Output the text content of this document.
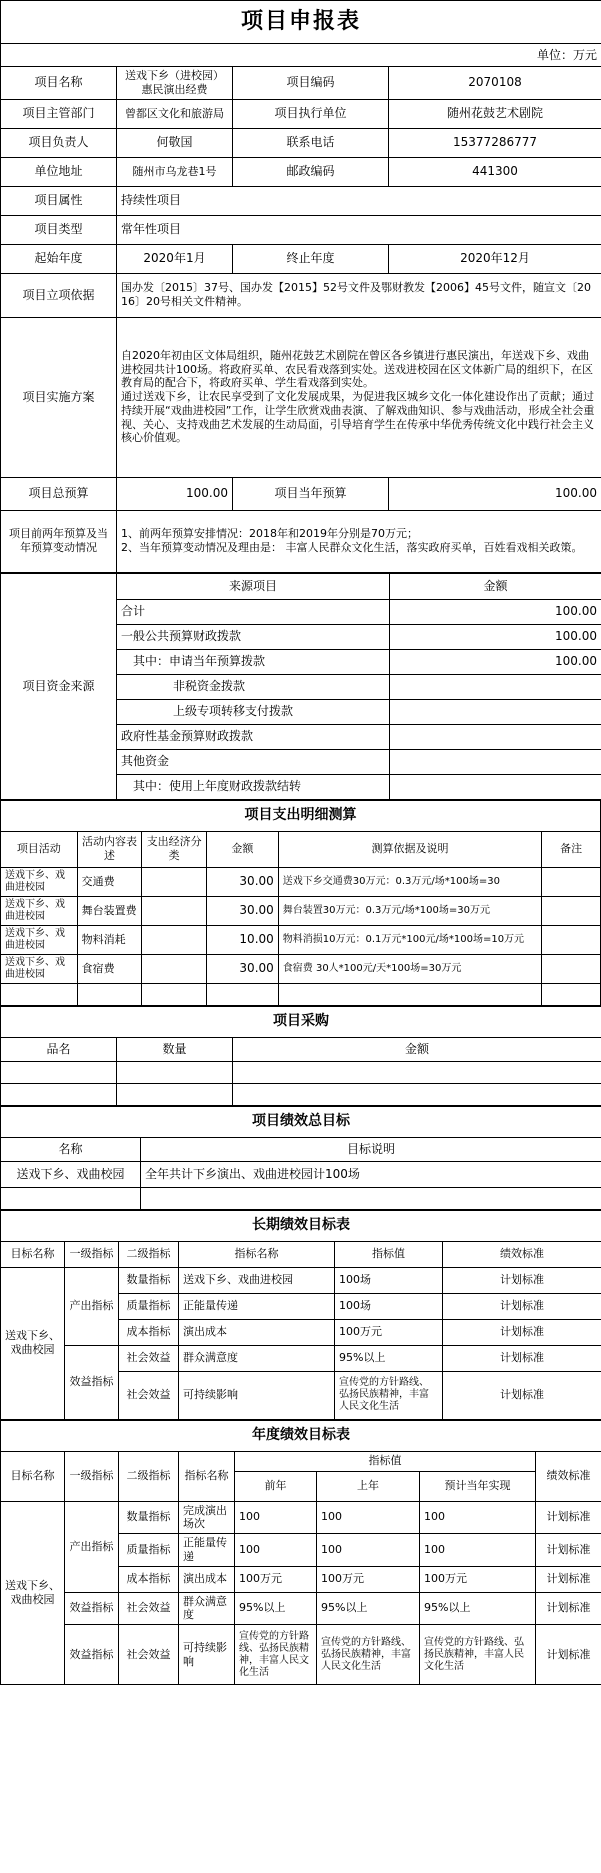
项目申报表			
单位：万元			
项目名称	送戏下乡（进校园）惠民演出经费	项目编码	2070108
项目主管部门	曾都区文化和旅游局	项目执行单位	随州花鼓艺术剧院
项目负责人	何敬国	联系电话	15377286777
单位地址	随州市乌龙巷1号	邮政编码	441300
项目属性	持续性项目		
项目类型	常年性项目		
起始年度	2020年1月	终止年度	2020年12月
项目立项依据	国办发〔2015〕37号、国办发【2015】52号文件及鄂财教发【2006】45号文件，随宣文〔2016〕20号相关文件精神。		
项目实施方案	自2020年初由区文体局组织，随州花鼓艺术剧院在曾区各乡镇进行惠民演出，年送戏下乡、戏曲进校园共计100场。将政府买单、农民看戏落到实处。送戏进校园在区文体新广局的组织下，在区教育局的配合下，将政府买单、学生看戏落到实处。
通过送戏下乡，让农民享受到了文化发展成果，为促进我区城乡文化一体化建设作出了贡献；通过持续开展“戏曲进校园”工作，让学生欣赏戏曲表演、了解戏曲知识、参与戏曲活动，形成全社会重视、关心、支持戏曲艺术发展的生动局面，引导培育学生在传承中华优秀传统文化中践行社会主义核心价值观。		

项目总预算	100.00	项目当年预算	100.00
项目前两年预算及当年预算变动情况	1、前两年预算安排情况：2018年和2019年分别是70万元；
2、当年预算变动情况及理由是： 丰富人民群众文化生活，落实政府买单，百姓看戏相关政策。		
项目资金来源	来源项目	金额
	合计	100.00
	一般公共预算财政拨款	100.00
	其中：申请当年预算拨款	100.00
	非税资金拨款	
	上级专项转移支付拨款	
	政府性基金预算财政拨款	
	其他资金	
	其中：使用上年度财政拨款结转	
项目支出明细测算					
项目活动	活动内容表述	支出经济分类	金额	测算依据及说明	备注
送戏下乡、戏曲进校园	交通费		30.00	送戏下乡交通费30万元：0.3万元/场*100场=30	
送戏下乡、戏曲进校园	舞台装置费		30.00	舞台装置30万元：0.3万元/场*100场=30万元	
送戏下乡、戏曲进校园	物料消耗		10.00	物料消损10万元：0.1万元*100元/场*100场=10万元	
送戏下乡、戏曲进校园	食宿费		30.00	食宿费 30人*100元/天*100场=30万元	

项目采购		
品名	数量	金额

项目绩效总目标	
名称	目标说明
送戏下乡、戏曲校园	全年共计下乡演出、戏曲进校园计100场

长期绩效目标表					
目标名称	一级指标	二级指标	指标名称	指标值	绩效标准
送戏下乡、戏曲校园	产出指标	数量指标	送戏下乡、戏曲进校园	100场	计划标准
		质量指标	正能量传递	100场	计划标准
		成本指标	演出成本	100万元	计划标准
	效益指标	社会效益	群众满意度	95%以上	计划标准
		社会效益	可持续影响	宣传党的方针路线、弘扬民族精神，丰富人民文化生活	计划标准
年度绩效目标表							
目标名称	一级指标	二级指标	指标名称	指标值			绩效标准
				前年	上年	预计当年实现	
送戏下乡、戏曲校园	产出指标	数量指标	完成演出场次	100	100	100	计划标准
		质量指标	正能量传递	100	100	100	计划标准
		成本指标	演出成本	100万元	100万元	100万元	计划标准
	效益指标	社会效益	群众满意度	95%以上	95%以上	95%以上	计划标准
	效益指标	社会效益	可持续影响	宣传党的方针路线、弘扬民族精神，丰富人民文化生活	宣传党的方针路线、弘扬民族精神，丰富人民文化生活	宣传党的方针路线、弘扬民族精神，丰富人民文化生活	计划标准
